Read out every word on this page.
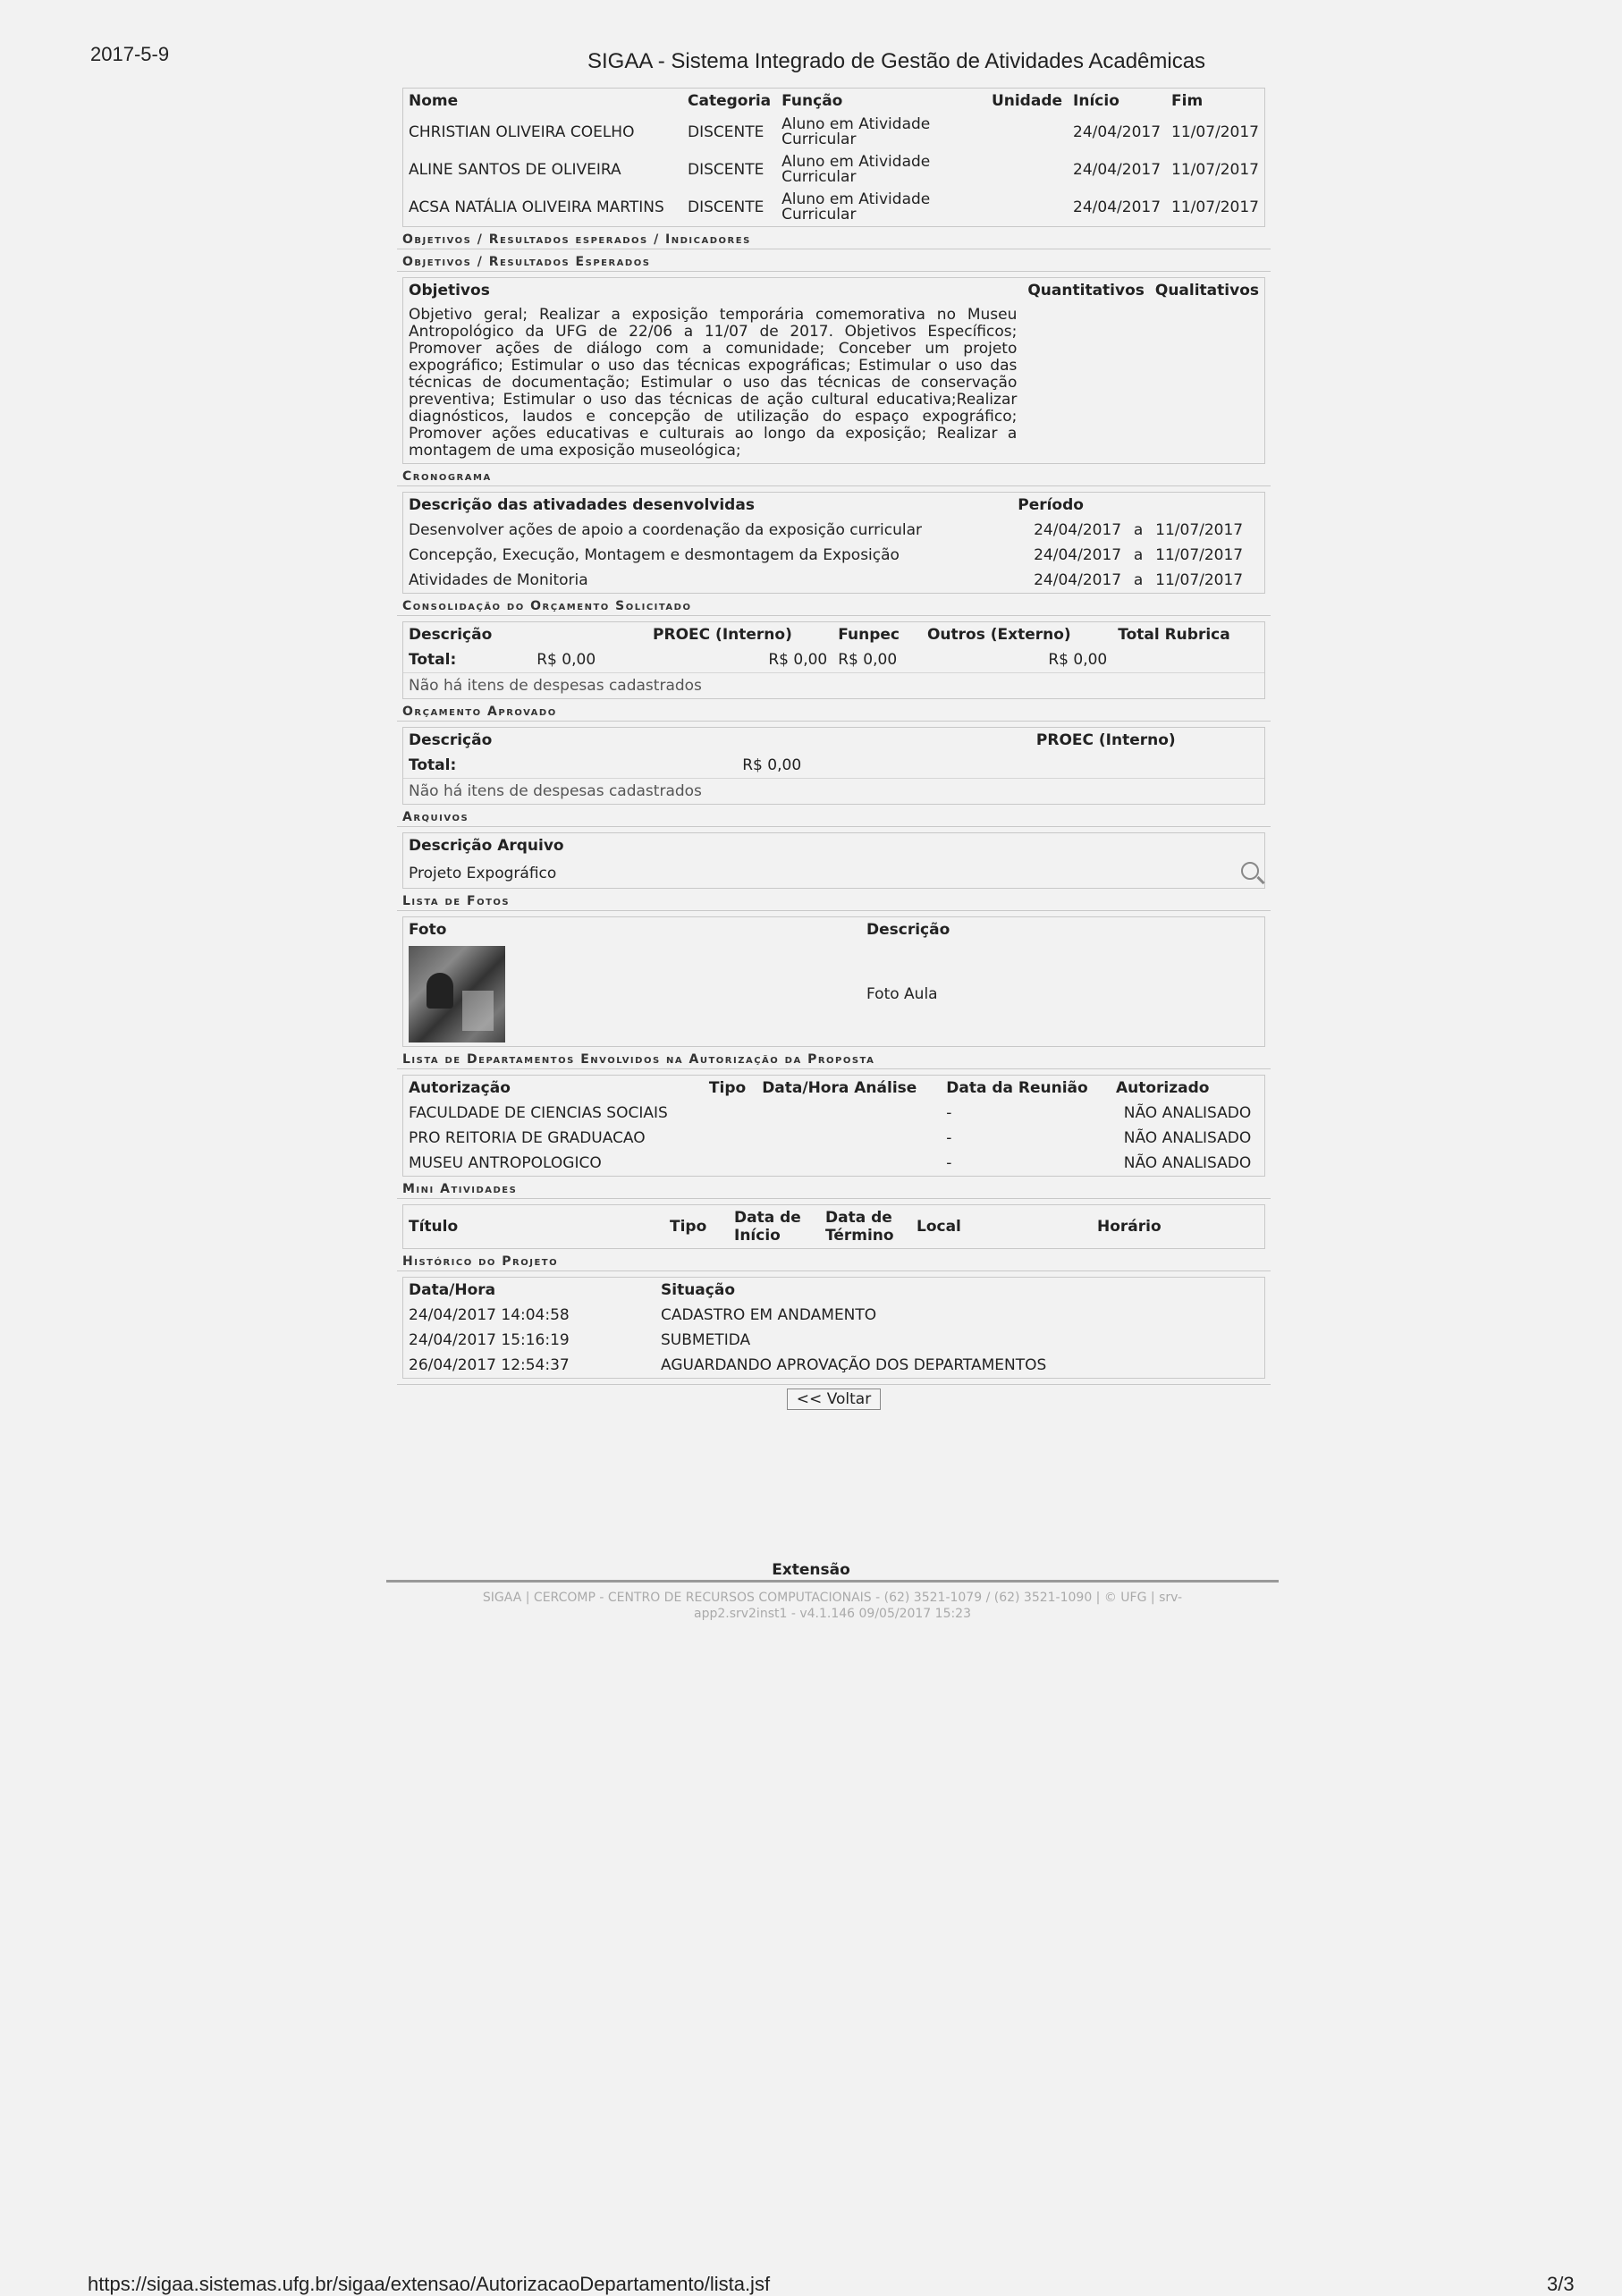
2017-5-9	SIGAA - Sistema Integrado de Gestão de Atividades Acadêmicas
Nome	Categoria	Função	Unidade	Início	Fim
CHRISTIAN OLIVEIRA COELHO	DISCENTE	Aluno em Atividade Curricular		24/04/2017	11/07/2017
ALINE SANTOS DE OLIVEIRA	DISCENTE	Aluno em Atividade Curricular		24/04/2017	11/07/2017
ACSA NATÁLIA OLIVEIRA MARTINS	DISCENTE	Aluno em Atividade Curricular		24/04/2017	11/07/2017
Objetivos / Resultados esperados / Indicadores
Objetivos / Resultados Esperados
Objetivos	Quantitativos	Qualitativos
Objetivo geral; Realizar a exposição temporária comemorativa no Museu Antropológico da UFG de 22/06 a 11/07 de 2017. Objetivos Específicos; Promover ações de diálogo com a comunidade; Conceber um projeto expográfico; Estimular o uso das técnicas expográficas; Estimular o uso das técnicas de documentação; Estimular o uso das técnicas de conservação preventiva; Estimular o uso das técnicas de ação cultural educativa;Realizar diagnósticos, laudos e concepção de utilização do espaço expográfico; Promover ações educativas e culturais ao longo da exposição; Realizar a montagem de uma exposição museológica;		
Cronograma
Descrição das ativadades desenvolvidas	Período		
Desenvolver ações de apoio a coordenação da exposição curricular	24/04/2017	a	11/07/2017
Concepção, Execução, Montagem e desmontagem da Exposição	24/04/2017	a	11/07/2017
Atividades de Monitoria	24/04/2017	a	11/07/2017
Consolidação do Orçamento Solicitado
Descrição	PROEC (Interno)	Funpec	Outros (Externo)	Total Rubrica
Total: R$ 0,00	R$ 0,00	R$ 0,00	R$ 0,00	
Não há itens de despesas cadastrados				
Orçamento Aprovado
Descrição	PROEC (Interno)
Total: R$ 0,00	
Não há itens de despesas cadastrados	
Arquivos
Descrição Arquivo
Projeto Expográfico	
Lista de Fotos
Foto	Descrição

	Foto Aula
Lista de Departamentos Envolvidos na Autorização da Proposta
Autorização	Tipo	Data/Hora Análise	Data da Reunião	Autorizado
FACULDADE DE CIENCIAS SOCIAIS			-	NÃO ANALISADO
PRO REITORIA DE GRADUACAO			-	NÃO ANALISADO
MUSEU ANTROPOLOGICO			-	NÃO ANALISADO
Mini Atividades
Título	Tipo	Data de Início	Data de Término	Local	Horário
Histórico do Projeto
Data/Hora	Situação
24/04/2017 14:04:58	CADASTRO EM ANDAMENTO
24/04/2017 15:16:19	SUBMETIDA
26/04/2017 12:54:37	AGUARDANDO APROVAÇÃO DOS DEPARTAMENTOS
<< Voltar
Extensão
SIGAA | CERCOMP - CENTRO DE RECURSOS COMPUTACIONAIS - (62) 3521-1079 / (62) 3521-1090 | © UFG | srv-
app2.srv2inst1 - v4.1.146 09/05/2017 15:23
https://sigaa.sistemas.ufg.br/sigaa/extensao/AutorizacaoDepartamento/lista.jsf	3/3
